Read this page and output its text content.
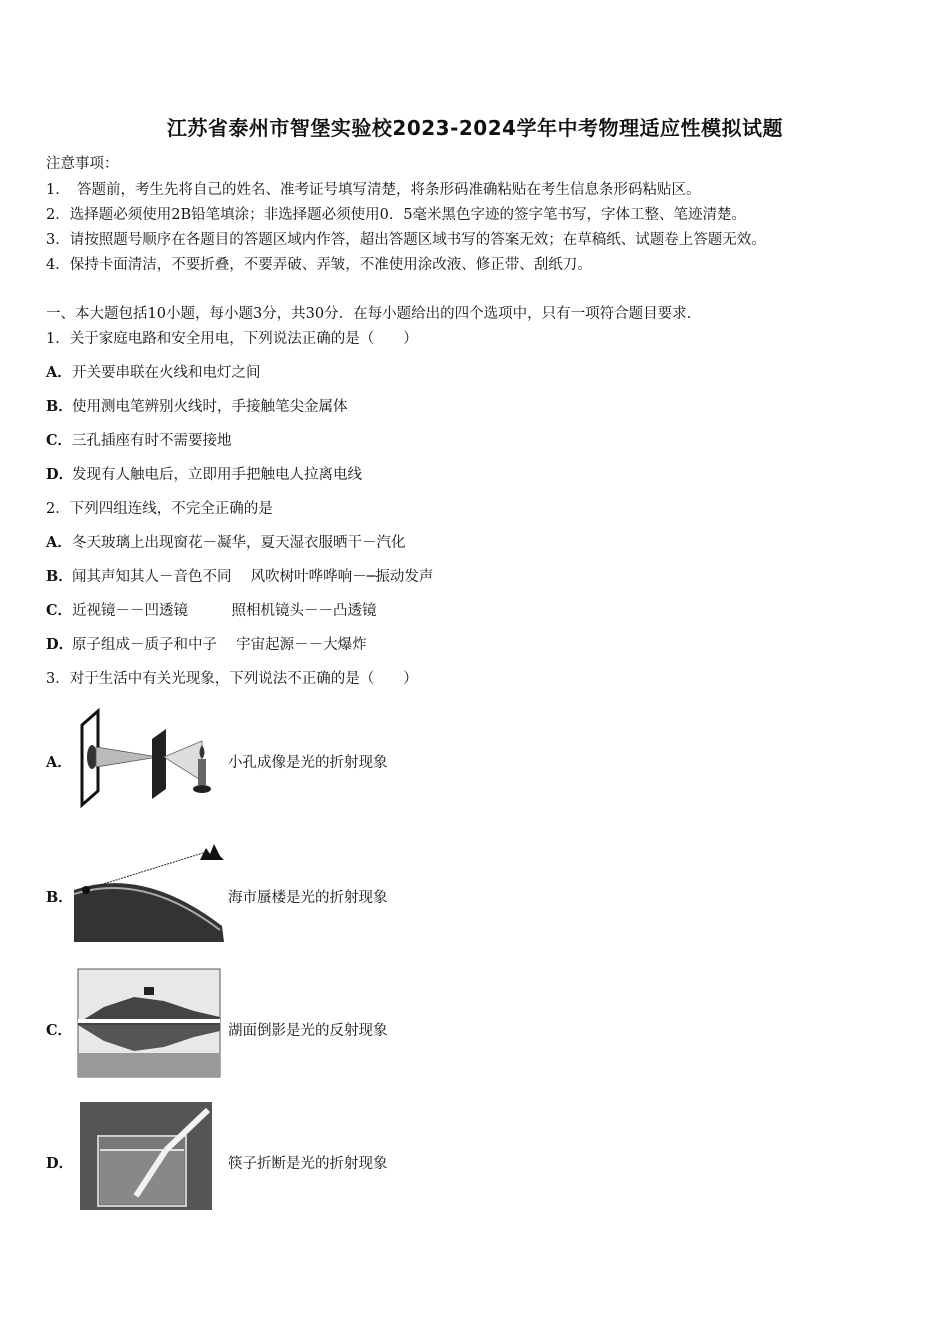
江苏省泰州市智堡实验校2023-2024学年中考物理适应性模拟试题
注意事项：
1．　答题前，考生先将自己的姓名、准考证号填写清楚，将条形码准确粘贴在考生信息条形码粘贴区。
2．选择题必须使用2B铅笔填涂；非选择题必须使用0．5毫米黑色字迹的签字笔书写，字体工整、笔迹清楚。
3．请按照题号顺序在各题目的答题区域内作答，超出答题区域书写的答案无效；在草稿纸、试题卷上答题无效。
4．保持卡面清洁，不要折叠，不要弄破、弄皱，不准使用涂改液、修正带、刮纸刀。
一、本大题包括10小题，每小题3分，共30分．在每小题给出的四个选项中，只有一项符合题目要求．
1．关于家庭电路和安全用电，下列说法正确的是（　　）
A．开关要串联在火线和电灯之间
B．使用测电笔辨别火线时，手接触笔尖金属体
C．三孔插座有时不需要接地
D．发现有人触电后，立即用手把触电人拉离电线
2．下列四组连线，不完全正确的是
A．冬天玻璃上出现窗花－凝华，夏天湿衣服晒干－汽化
B．闻其声知其人－音色不同　 风吹树叶哗哗响－─振动发声
C．近视镜－－凹透镜　　　照相机镜头－－凸透镜
D．原子组成－质子和中子　 宇宙起源－－大爆炸
3．对于生活中有关光现象，下列说法不正确的是（　　）
A．	小孔成像是光的折射现象
B．	海市蜃楼是光的折射现象
C．	湖面倒影是光的反射现象
D．	筷子折断是光的折射现象
